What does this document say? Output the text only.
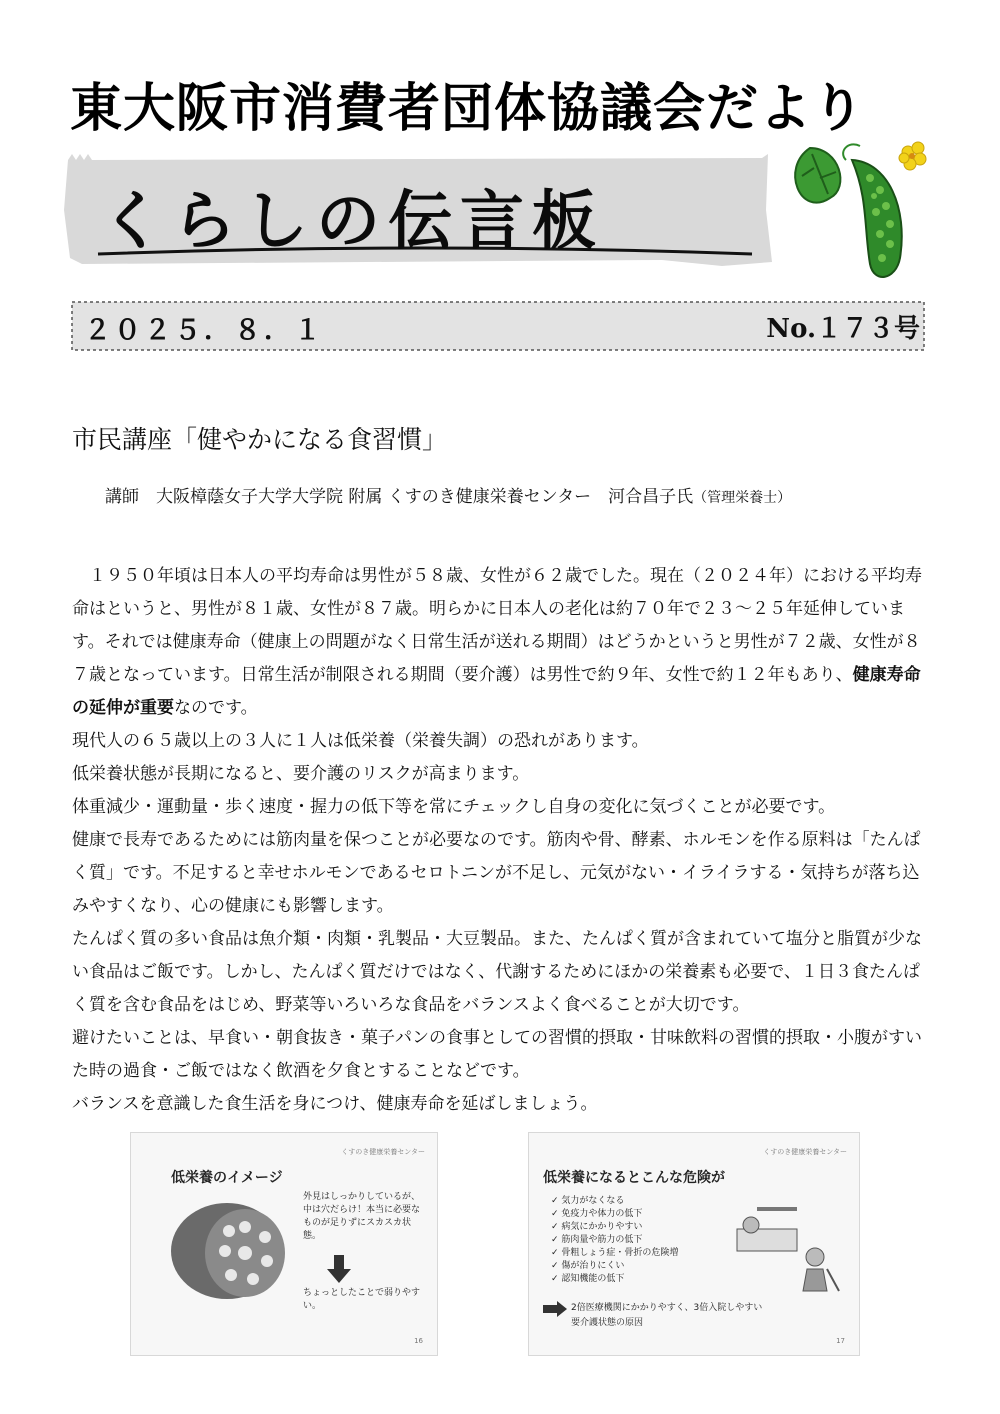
東大阪市消費者団体協議会だより
くらしの伝言板
２０２５．８．１	No.１７３号
市民講座「健やかになる食習慣」
講師　大阪樟蔭女子大学大学院 附属 くすのき健康栄養センター　河合昌子氏（管理栄養士）

１９５０年頃は日本人の平均寿命は男性が５８歳、女性が６２歳でした。現在（２０２４年）における平均寿命はというと、男性が８１歳、女性が８７歳。明らかに日本人の老化は約７０年で２３～２５年延伸しています。それでは健康寿命（健康上の問題がなく日常生活が送れる期間）はどうかというと男性が７２歳、女性が８７歳となっています。日常生活が制限される期間（要介護）は男性で約９年、女性で約１２年もあり、健康寿命の延伸が重要なのです。

現代人の６５歳以上の３人に１人は低栄養（栄養失調）の恐れがあります。

低栄養状態が長期になると、要介護のリスクが高まります。

体重減少・運動量・歩く速度・握力の低下等を常にチェックし自身の変化に気づくことが必要です。

健康で長寿であるためには筋肉量を保つことが必要なのです。筋肉や骨、酵素、ホルモンを作る原料は「たんぱく質」です。不足すると幸せホルモンであるセロトニンが不足し、元気がない・イライラする・気持ちが落ち込みやすくなり、心の健康にも影響します。

たんぱく質の多い食品は魚介類・肉類・乳製品・大豆製品。また、たんぱく質が含まれていて塩分と脂質が少ない食品はご飯です。しかし、たんぱく質だけではなく、代謝するためにほかの栄養素も必要で、１日３食たんぱく質を含む食品をはじめ、野菜等いろいろな食品をバランスよく食べることが大切です。

避けたいことは、早食い・朝食抜き・菓子パンの食事としての習慣的摂取・甘味飲料の習慣的摂取・小腹がすいた時の過食・ご飯ではなく飲酒を夕食とすることなどです。

バランスを意識した食生活を身につけ、健康寿命を延ばしましょう。

くすのき健康栄養センター
低栄養のイメージ
外見はしっかりしているが、中は穴だらけ！本当に必要なものが足りずにスカスカ状態。
ちょっとしたことで弱りやすい。
16
くすのき健康栄養センター
低栄養になるとこんな危険が
✓ 気力がなくなる
✓ 免疫力や体力の低下
✓ 病気にかかりやすい
✓ 筋肉量や筋力の低下
✓ 骨粗しょう症・骨折の危険増
✓ 傷が治りにくい
✓ 認知機能の低下
2倍医療機関にかかりやすく、3倍入院しやすい
要介護状態の原因
17
